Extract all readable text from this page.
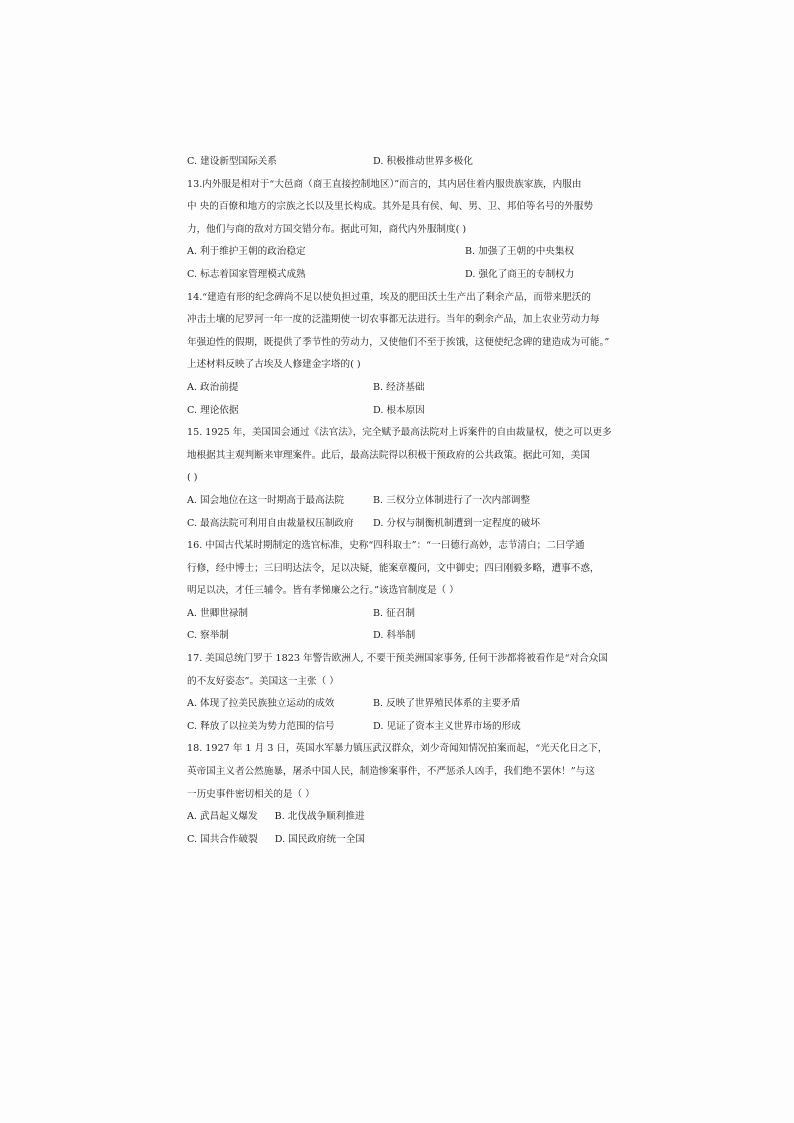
C. 建设新型国际关系	D. 积极推动世界多极化
13.内外服是相对于“大邑商（商王直接控制地区）”而言的，其内居住着内服贵族家族，内服由
中 央的百僚和地方的宗族之长以及里长构成。其外是具有侯、甸、男、卫、邦伯等名号的外服势
力，他们与商的敌对方国交错分布。据此可知，商代内外服制度( )
A. 利于维护王朝的政治稳定	B. 加强了王朝的中央集权
C. 标志着国家管理模式成熟	D. 强化了商王的专制权力
14.“建造有形的纪念碑尚不足以使负担过重，埃及的肥田沃土生产出了剩余产品，而带来肥沃的
冲击土壤的尼罗河一年一度的泛滥期使一切农事都无法进行。当年的剩余产品，加上农业劳动力每
年强迫性的假期，既提供了季节性的劳动力，又使他们不至于挨饿，这便使纪念碑的建造成为可能。”
上述材料反映了古埃及人修建金字塔的( )
A. 政治前提	B. 经济基础
C. 理论依据	D. 根本原因
15. 1925 年，美国国会通过《法官法》，完全赋予最高法院对上诉案件的自由裁量权，使之可以更多
地根据其主观判断来审理案件。此后，最高法院得以积极干预政府的公共政策。据此可知，美国
( )
A. 国会地位在这一时期高于最高法院	B. 三权分立体制进行了一次内部调整
C. 最高法院可利用自由裁量权压制政府 D. 分权与制衡机制遭到一定程度的破坏
16. 中国古代某时期制定的选官标准，史称“四科取士”：“一曰德行高妙，志节清白；二曰学通
行修，经中博士；三曰明达法令，足以决疑，能案章覆问，文中御史；四曰刚毅多略，遭事不惑，
明足以决，才任三辅令。皆有孝悌廉公之行。”该选官制度是（ ）
A. 世卿世禄制	B. 征召制
C. 察举制	D. 科举制
17. 美国总统门罗于 1823 年警告欧洲人, 不要干预美洲国家事务, 任何干涉都将被看作是“对合众国
的不友好姿态”。美国这一主张（ ）
A. 体现了拉美民族独立运动的成效	B. 反映了世界殖民体系的主要矛盾
C. 释放了以拉美为势力范围的信号	D. 见证了资本主义世界市场的形成
18. 1927 年 1 月 3 日，英国水军暴力镇压武汉群众，刘少奇闻知情况拍案而起，“光天化日之下，
英帝国主义者公然施暴，屠杀中国人民，制造惨案事件，不严惩杀人凶手，我们绝不罢休！”与这
一历史事件密切相关的是（ ）
A. 武昌起义爆发 B. 北伐战争顺利推进
C. 国共合作破裂 D. 国民政府统一全国
